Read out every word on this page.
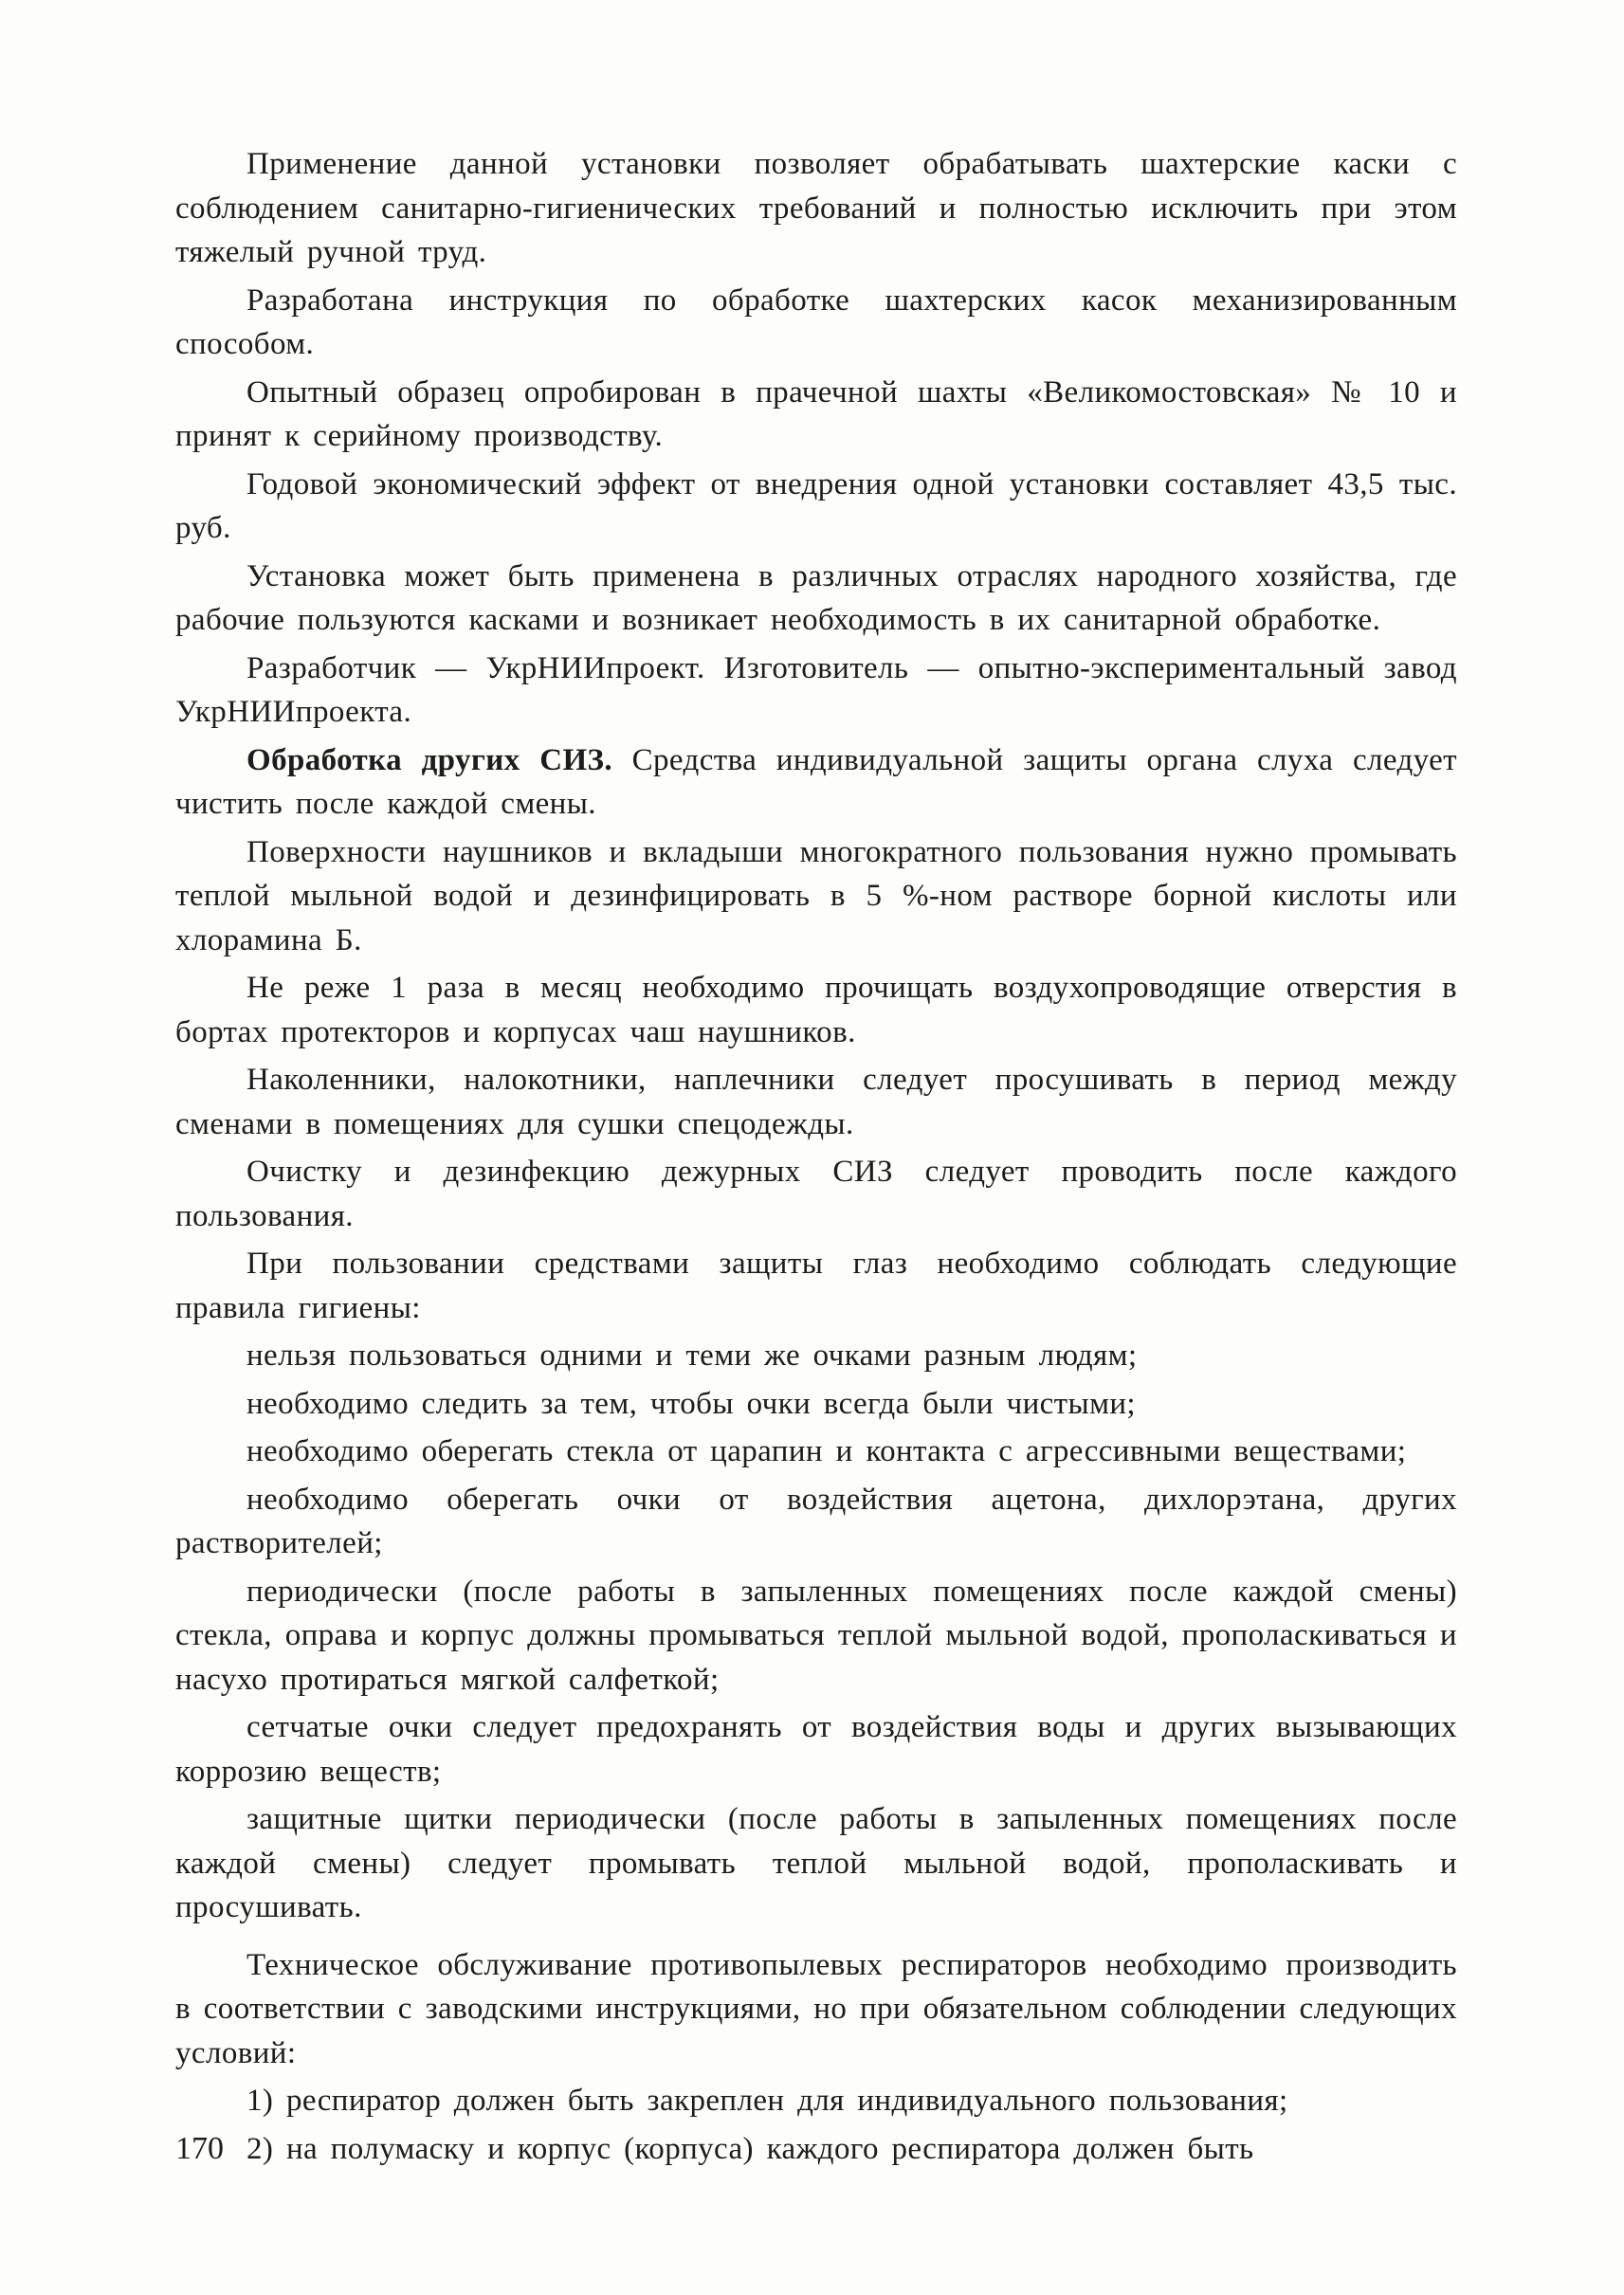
Применение данной установки позволяет обрабатывать шахтерские каски с соблюдением санитарно-гигиенических требований и полностью исключить при этом тяжелый ручной труд.

Разработана инструкция по обработке шахтерских касок механизированным способом.

Опытный образец опробирован в прачечной шахты «Великомостовская» № 10 и принят к серийному производству.

Годовой экономический эффект от внедрения одной установки составляет 43,5 тыс. руб.

Установка может быть применена в различных отраслях народного хозяйства, где рабочие пользуются касками и возникает необходимость в их санитарной обработке.

Разработчик — УкрНИИпроект. Изготовитель — опытно-экспериментальный завод УкрНИИпроекта.

Обработка других СИЗ. Средства индивидуальной защиты органа слуха следует чистить после каждой смены.

Поверхности наушников и вкладыши многократного пользования нужно промывать теплой мыльной водой и дезинфицировать в 5 %-ном растворе борной кислоты или хлорамина Б.

Не реже 1 раза в месяц необходимо прочищать воздухопроводящие отверстия в бортах протекторов и корпусах чаш наушников.

Наколенники, налокотники, наплечники следует просушивать в период между сменами в помещениях для сушки спецодежды.

Очистку и дезинфекцию дежурных СИЗ следует проводить после каждого пользования.

При пользовании средствами защиты глаз необходимо соблюдать следующие правила гигиены:

нельзя пользоваться одними и теми же очками разным людям;

необходимо следить за тем, чтобы очки всегда были чистыми;

необходимо оберегать стекла от царапин и контакта с агрессивными веществами;

необходимо оберегать очки от воздействия ацетона, дихлорэтана, других растворителей;

периодически (после работы в запыленных помещениях после каждой смены) стекла, оправа и корпус должны промываться теплой мыльной водой, прополаскиваться и насухо протираться мягкой салфеткой;

сетчатые очки следует предохранять от воздействия воды и других вызывающих коррозию веществ;

защитные щитки периодически (после работы в запыленных помещениях после каждой смены) следует промывать теплой мыльной водой, прополаскивать и просушивать.

Техническое обслуживание противопылевых респираторов необходимо производить в соответствии с заводскими инструкциями, но при обязательном соблюдении следующих условий:

1) респиратор должен быть закреплен для индивидуального пользования;

2) на полумаску и корпус (корпуса) каждого респиратора должен быть

170
